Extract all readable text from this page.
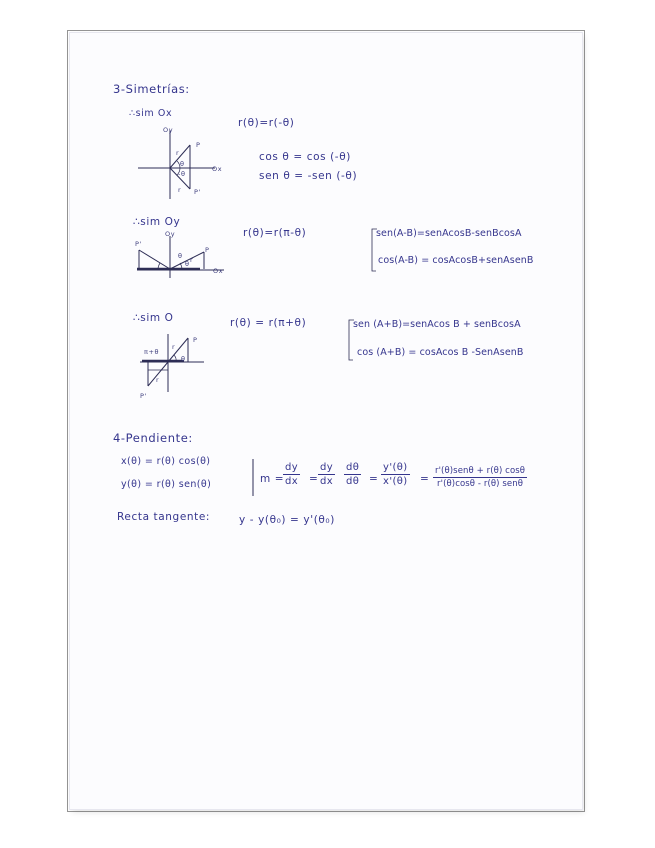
3-Simetrías:
∴sim Ox
r(θ)=r(-θ)
cos θ = cos (-θ)
sen θ = -sen (-θ)
Oy
Ox
P
P'
r
r
θ
-θ
∴sim Oy
r(θ)=r(π-θ)	sen(A-B)=senAcosB-senBcosA
cos(A-B) = cosAcosB+senAsenB
Oy
Ox
P
P'
r
θ
θ
∴sim O	r(θ) = r(π+θ)	sen (A+B)=senAcos B + senBcosA
cos (A+B) = cosAcos B -SenAsenB
P
P'
r
r
π+θ
θ
4-Pendiente:
x(θ) = r(θ) cos(θ)
y(θ) = r(θ) sen(θ)	m =
$\frac{dy}{dx} = \frac{dy}{dx} \frac{d\theta}{d\theta} = \frac{y'(\theta)}{x'(\theta)}$ =
r'(θ)senθ + r(θ) cosθ
r'(θ)cosθ - r(θ) senθ
Recta tangente:	y - y(θ₀) = y'(θ₀)
